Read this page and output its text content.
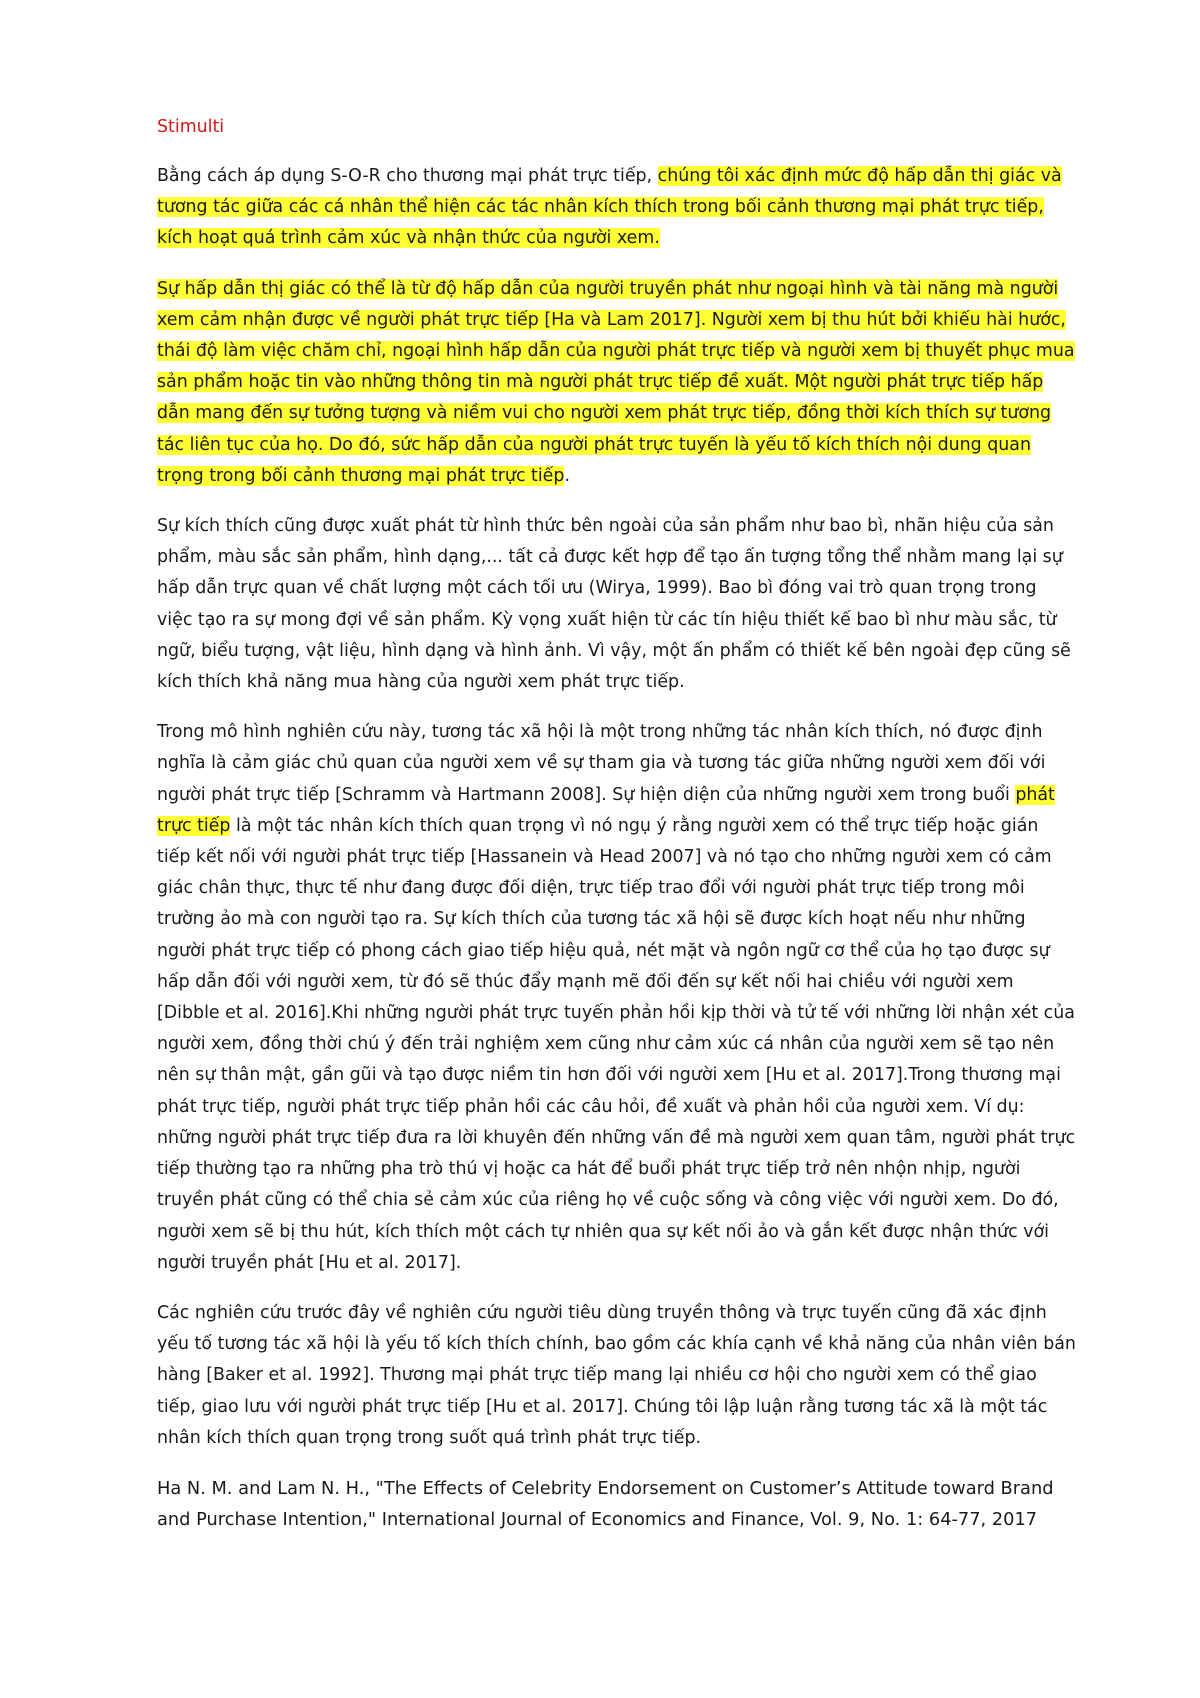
Stimulti

Bằng cách áp dụng S-O-R cho thương mại phát trực tiếp, chúng tôi xác định mức độ hấp dẫn thị giác và tương tác giữa các cá nhân thể hiện các tác nhân kích thích trong bối cảnh thương mại phát trực tiếp, kích hoạt quá trình cảm xúc và nhận thức của người xem.

Sự hấp dẫn thị giác có thể là từ độ hấp dẫn của người truyền phát như ngoại hình và tài năng mà người xem cảm nhận được về người phát trực tiếp [Ha và Lam 2017]. Người xem bị thu hút bởi khiếu hài hước, thái độ làm việc chăm chỉ, ngoại hình hấp dẫn của người phát trực tiếp và người xem bị thuyết phục mua sản phẩm hoặc tin vào những thông tin mà người phát trực tiếp đề xuất. Một người phát trực tiếp hấp dẫn mang đến sự tưởng tượng và niềm vui cho người xem phát trực tiếp, đồng thời kích thích sự tương tác liên tục của họ. Do đó, sức hấp dẫn của người phát trực tuyến là yếu tố kích thích nội dung quan trọng trong bối cảnh thương mại phát trực tiếp.

Sự kích thích cũng được xuất phát từ hình thức bên ngoài của sản phẩm như bao bì, nhãn hiệu của sản phẩm, màu sắc sản phẩm, hình dạng,... tất cả được kết hợp để tạo ấn tượng tổng thể nhằm mang lại sự hấp dẫn trực quan về chất lượng một cách tối ưu (Wirya, 1999). Bao bì đóng vai trò quan trọng trong việc tạo ra sự mong đợi về sản phẩm. Kỳ vọng xuất hiện từ các tín hiệu thiết kế bao bì như màu sắc, từ ngữ, biểu tượng, vật liệu, hình dạng và hình ảnh. Vì vậy, một ấn phẩm có thiết kế bên ngoài đẹp cũng sẽ kích thích khả năng mua hàng của người xem phát trực tiếp.

Trong mô hình nghiên cứu này, tương tác xã hội là một trong những tác nhân kích thích, nó được định nghĩa là cảm giác chủ quan của người xem về sự tham gia và tương tác giữa những người xem đối với người phát trực tiếp [Schramm và Hartmann 2008]. Sự hiện diện của những người xem trong buổi phát trực tiếp là một tác nhân kích thích quan trọng vì nó ngụ ý rằng người xem có thể trực tiếp hoặc gián tiếp kết nối với người phát trực tiếp [Hassanein và Head 2007] và nó tạo cho những người xem có cảm giác chân thực, thực tế như đang được đối diện, trực tiếp trao đổi với người phát trực tiếp trong môi trường ảo mà con người tạo ra. Sự kích thích của tương tác xã hội sẽ được kích hoạt nếu như những người phát trực tiếp có phong cách giao tiếp hiệu quả, nét mặt và ngôn ngữ cơ thể của họ tạo được sự hấp dẫn đối với người xem, từ đó sẽ thúc đẩy mạnh mẽ đối đến sự kết nối hai chiều với người xem [Dibble et al. 2016].Khi những người phát trực tuyến phản hồi kịp thời và tử tế với những lời nhận xét của người xem, đồng thời chú ý đến trải nghiệm xem cũng như cảm xúc cá nhân của người xem sẽ tạo nên nên sự thân mật, gần gũi và tạo được niềm tin hơn đối với người xem [Hu et al. 2017].Trong thương mại phát trực tiếp, người phát trực tiếp phản hồi các câu hỏi, đề xuất và phản hồi của người xem. Ví dụ: những người phát trực tiếp đưa ra lời khuyên đến những vấn đề mà người xem quan tâm, người phát trực tiếp thường tạo ra những pha trò thú vị hoặc ca hát để buổi phát trực tiếp trở nên nhộn nhịp, người truyền phát cũng có thể chia sẻ cảm xúc của riêng họ về cuộc sống và công việc với người xem. Do đó, người xem sẽ bị thu hút, kích thích một cách tự nhiên qua sự kết nối ảo và gắn kết được nhận thức với người truyền phát [Hu et al. 2017].

Các nghiên cứu trước đây về nghiên cứu người tiêu dùng truyền thông và trực tuyến cũng đã xác định yếu tố tương tác xã hội là yếu tố kích thích chính, bao gồm các khía cạnh về khả năng của nhân viên bán hàng [Baker et al. 1992]. Thương mại phát trực tiếp mang lại nhiều cơ hội cho người xem có thể giao tiếp, giao lưu với người phát trực tiếp [Hu et al. 2017]. Chúng tôi lập luận rằng tương tác xã là một tác nhân kích thích quan trọng trong suốt quá trình phát trực tiếp.

Ha N. M. and Lam N. H., "The Effects of Celebrity Endorsement on Customer’s Attitude toward Brand and Purchase Intention," International Journal of Economics and Finance, Vol. 9, No. 1: 64-77, 2017
